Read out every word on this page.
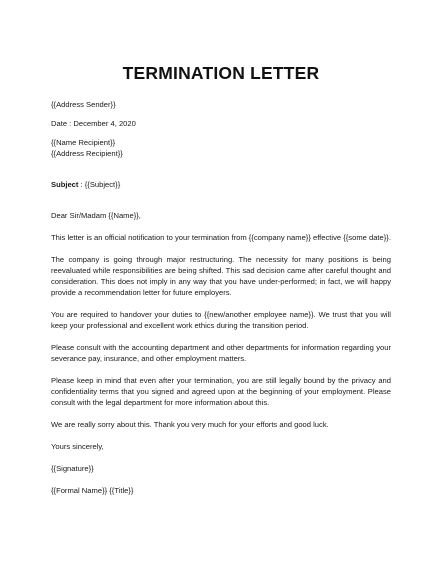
TERMINATION LETTER

{{Address Sender}}

Date : December 4, 2020

{{Name Recipient}}

{{Address Recipient}}

Subject : {{Subject}}

Dear Sir/Madam {{Name}},

This letter is an official notification to your termination from {{company name}} effective {{some date}}.

The company is going through major restructuring. The necessity for many positions is being reevaluated while responsibilities are being shifted. This sad decision came after careful thought and consideration. This does not imply in any way that you have under-performed; in fact, we will happy provide a recommendation letter for future employers.

You are required to handover your duties to {{new/another employee name}}. We trust that you will keep your professional and excellent work ethics during the transition period.

Please consult with the accounting department and other departments for information regarding your severance pay, insurance, and other employment matters.

Please keep in mind that even after your termination, you are still legally bound by the privacy and confidentiality terms that you signed and agreed upon at the beginning of your employment. Please consult with the legal department for more information about this.

We are really sorry about this. Thank you very much for your efforts and good luck.

Yours sincerely,

{{Signature}}

{{Formal Name}} {{Title}}
